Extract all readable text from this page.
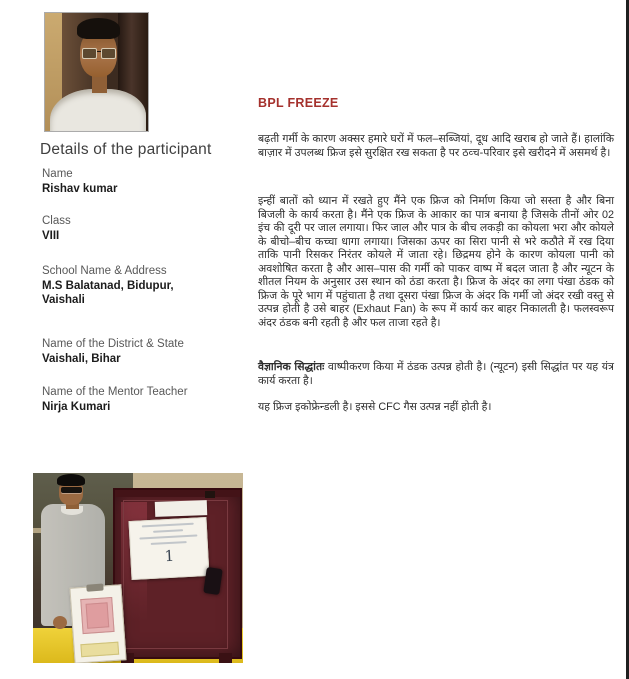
Details of the participant
Name
Rishav kumar
Class
VIII
School Name & Address
M.S Balatanad, Bidupur, Vaishali
Name of the District & State
Vaishali, Bihar
Name of the Mentor Teacher
Nirja Kumari
BPL FREEZE
बढ़ती गर्मी के कारण अक्सर हमारे घरों में फल–सब्जियां, दूध आदि खराब हो जाते हैं। हालांकि बाज़ार में उपलब्ध फ्रिज इसे सुरक्षित रख सकता है पर ठव्च-परिवार इसे खरीदने में असमर्थ है।
इन्हीं बातों को ध्यान में रखते हुए मैंने एक फ्रिज को निर्माण किया जो सस्ता है और बिना बिजली के कार्य करता है। मैंने एक फ्रिज के आकार का पात्र बनाया है जिसके तीनों ओर 02 इंच की दूरी पर जाल लगाया। फिर जाल और पात्र के बीच लकड़ी का कोयला भरा और कोयले के बीचो–बीच कच्चा धागा लगाया। जिसका ऊपर का सिरा पानी से भरे कठौते में रख दिया ताकि पानी रिसकर निरंतर कोयले में जाता रहे। छिद्रमय होने के कारण कोयला पानी को अवशोषित करता है और आस–पास की गर्मी को पाकर वाष्प में बदल जाता है और न्यूटन के शीतल नियम के अनुसार उस स्थान को ठंडा करता है। फ्रिज के अंदर का लगा पंखा ठंडक को फ्रिज के पूरे भाग में पहुंचाता है तथा दूसरा पंखा फ्रिज के अंदर कि गर्मी जो अंदर रखी वस्तु से उत्पन्न होती है उसे बाहर (Exhaut Fan) के रूप में कार्य कर बाहर निकालती है। फलस्वरूप अंदर ठंडक बनी रहती है और फल ताजा रहते है।
वैज्ञानिक सिद्धांतः वाष्पीकरण किया में ठंडक उत्पन्न होती है। (न्यूटन) इसी सिद्धांत पर यह यंत्र कार्य करता है।
यह फ्रिज इकोफ्रेन्डली है। इससे CFC गैस उत्पन्न नहीं होती है।
1
